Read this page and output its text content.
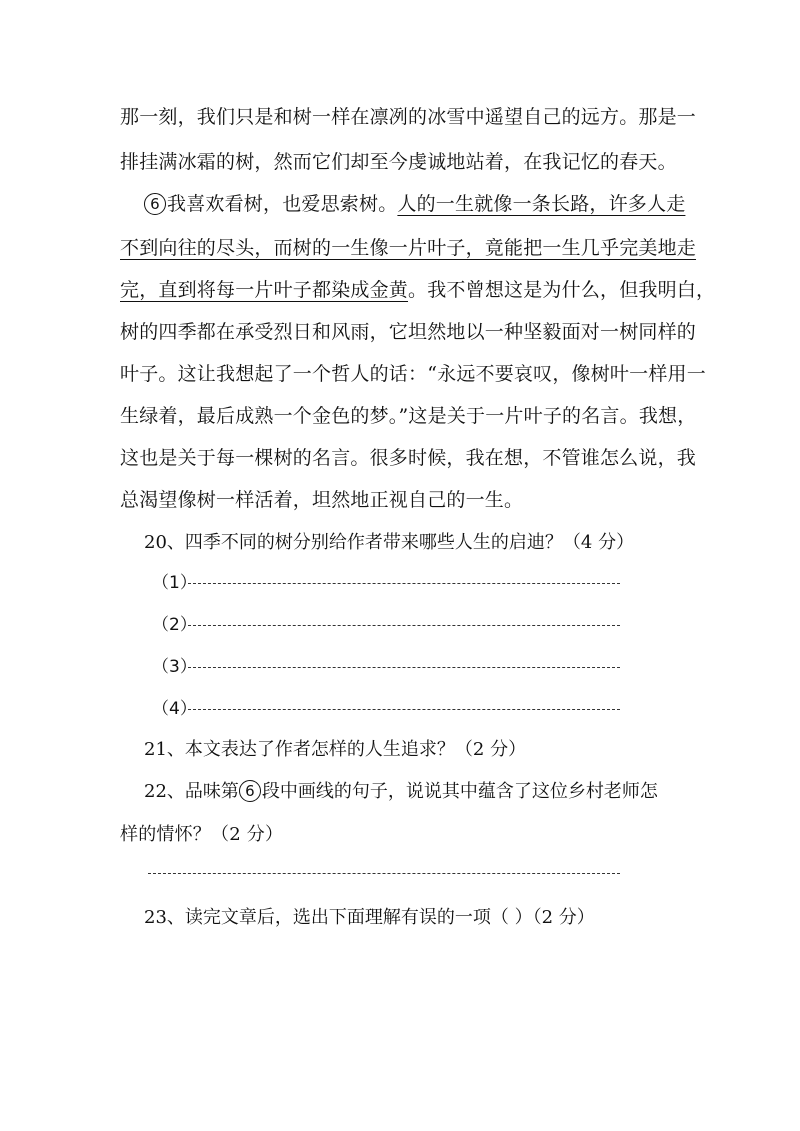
那一刻，我们只是和树一样在凛冽的冰雪中遥望自己的远方。那是一
排挂满冰霜的树，然而它们却至今虔诚地站着，在我记忆的春天。
6 我喜欢看树，也爱思索树。人的一生就像一条长路，许多人走
不到向往的尽头，而树的一生像一片叶子，竟能把一生几乎完美地走
完，直到将每一片叶子都染成金黄。我不曾想这是为什么，但我明白，
树的四季都在承受烈日和风雨，它坦然地以一种坚毅面对一树同样的
叶子。这让我想起了一个哲人的话：“永远不要哀叹，像树叶一样用一
生绿着，最后成熟一个金色的梦。”这是关于一片叶子的名言。我想，
这也是关于每一棵树的名言。很多时候，我在想，不管谁怎么说，我
总渴望像树一样活着，坦然地正视自己的一生。
20、四季不同的树分别给作者带来哪些人生的启迪？（4 分）
（1）
（2）
（3）
（4）
21、本文表达了作者怎样的人生追求？（2 分）
22、品味第 6 段中画线的句子，说说其中蕴含了这位乡村老师怎
样的情怀？（2 分）
23、读完文章后，选出下面理解有误的一项（ ）（2 分）
